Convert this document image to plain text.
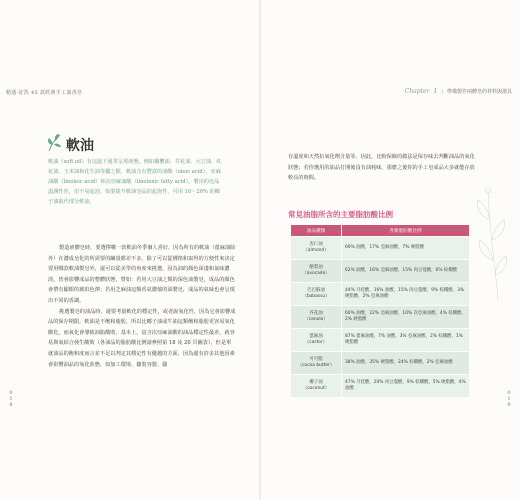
精通·好洗 45 款經典手工油香皂	Chapter 1 | 準備製作兩體皂的材料與器具
0
1
8
0
1
9
軟油
軟油（soft oil）有這溫下通常呈現液態，例如橄欖油、芥花油、大豆油、紅花油、玉米油和花生油等屬之類，軟油含有豐富的油酸（oleic acid）、亞麻油酸（linoleic acid）和次亞麻油酸（linolenic fatty acid），製出的皂品溫潤性佳，但不易起泡，如要提升軟油皂品的起泡性，可用 10～20% 的椰子油取代部分軟油。

製造液體皂時，要選擇哪一款軟油冬季個人喜好，因為所有的軟油（蓖麻油除外）在濃成皂化的所需要的鹼量都差不多，除了可以從價格和取得的方便性來決定要用哪款軟油製皂外，還可以從美學的角度來挑選，因為油的顏色深淺和氣味濃淡，皆會影響成品的整體狀態，譬如：若用大豆油之類的深色油製皂，成品的顏色會帶有顯眼的琥珀色澤；若用芝麻油這類香氣濃郁的油製皂，成品的氣味也會呈現出不同的香調。

挑選製皂的油品時，還要考量軟化的穩定性，或者說氧化性，因為它會影響成品的保存期限。軟油是不飽和脂肪，所以比椰子油或牛油這類飽和脂肪更容易氧化酸化，而氧化會導致油脂酸敗，基本上，富含次亞麻油酸的油品穩定性最差，就容易與氧結合發生酸敗（各油品的脂肪酸比例請參照第 18 及 20 頁圖表），但是單就油品的飽和度而言並不足以判定其穩定性有優越的方面，因為還有許多其他因素會影響油品的氧化狀態，如加工環境、儲裝容器、儲

存溫度和天然抗氧化劑含量等。因此，比較保險的做法是保存味去判斷油品的氧化狀態；若你選用的油品打開後沒有油耗味，那麼之後你的手工皂成品大多就能存放較長的時間。

常見油脂所含的主要脂肪酸比例
油品種類	各類脂肪酸比例

杏仁油
（almond）	69% 油酸，17% 亞麻油酸，7% 硬脂酸

酪梨油
（avocado）	62% 油酸，16% 亞麻油酸，15% 肉豆蔻酸，6% 棕櫚酸

巴巴蘇油
（babassu）	44% 月桂酸，16% 油酸，15% 肉豆蔻酸，9% 棕櫚酸，3% 硬脂酸，2% 亞麻油酸

芥花油
（canola）	60% 油酸，22% 亞麻油酸，10% 次亞麻油酸，4% 棕櫚酸，2% 硬脂酸

蓖麻油
（castor）	87% 蓖麻油酸，7% 油酸，3% 亞麻油酸，2% 棕櫚酸，1% 硬脂酸

可可脂
（cocoa butter）	38% 油酸，35% 硬脂酸，24% 棕櫚酸，2% 亞麻油酸

椰子油
（coconut）	47% 月桂酸，20% 肉豆蔻酸，9% 棕櫚酸，5% 硬脂酸，4% 油酸
